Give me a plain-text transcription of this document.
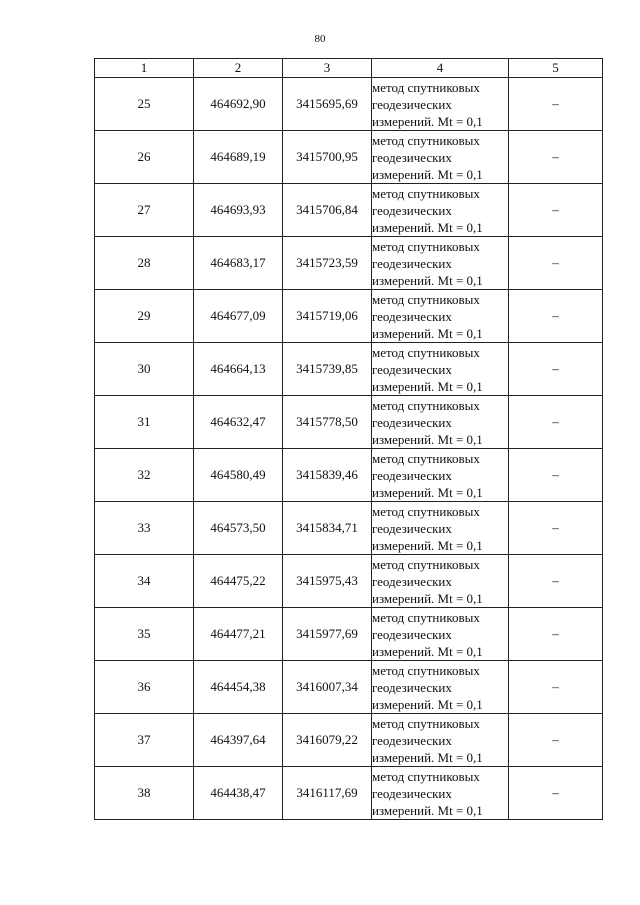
80
1	2	3	4	5
25	464692,90	3415695,69	метод спутниковых
геодезических
измерений. Mt = 0,1	–
26	464689,19	3415700,95	метод спутниковых
геодезических
измерений. Mt = 0,1	–
27	464693,93	3415706,84	метод спутниковых
геодезических
измерений. Mt = 0,1	–
28	464683,17	3415723,59	метод спутниковых
геодезических
измерений. Mt = 0,1	–
29	464677,09	3415719,06	метод спутниковых
геодезических
измерений. Mt = 0,1	–
30	464664,13	3415739,85	метод спутниковых
геодезических
измерений. Mt = 0,1	–
31	464632,47	3415778,50	метод спутниковых
геодезических
измерений. Mt = 0,1	–
32	464580,49	3415839,46	метод спутниковых
геодезических
измерений. Mt = 0,1	–
33	464573,50	3415834,71	метод спутниковых
геодезических
измерений. Mt = 0,1	–
34	464475,22	3415975,43	метод спутниковых
геодезических
измерений. Mt = 0,1	–
35	464477,21	3415977,69	метод спутниковых
геодезических
измерений. Mt = 0,1	–
36	464454,38	3416007,34	метод спутниковых
геодезических
измерений. Mt = 0,1	–
37	464397,64	3416079,22	метод спутниковых
геодезических
измерений. Mt = 0,1	–
38	464438,47	3416117,69	метод спутниковых
геодезических
измерений. Mt = 0,1	–
